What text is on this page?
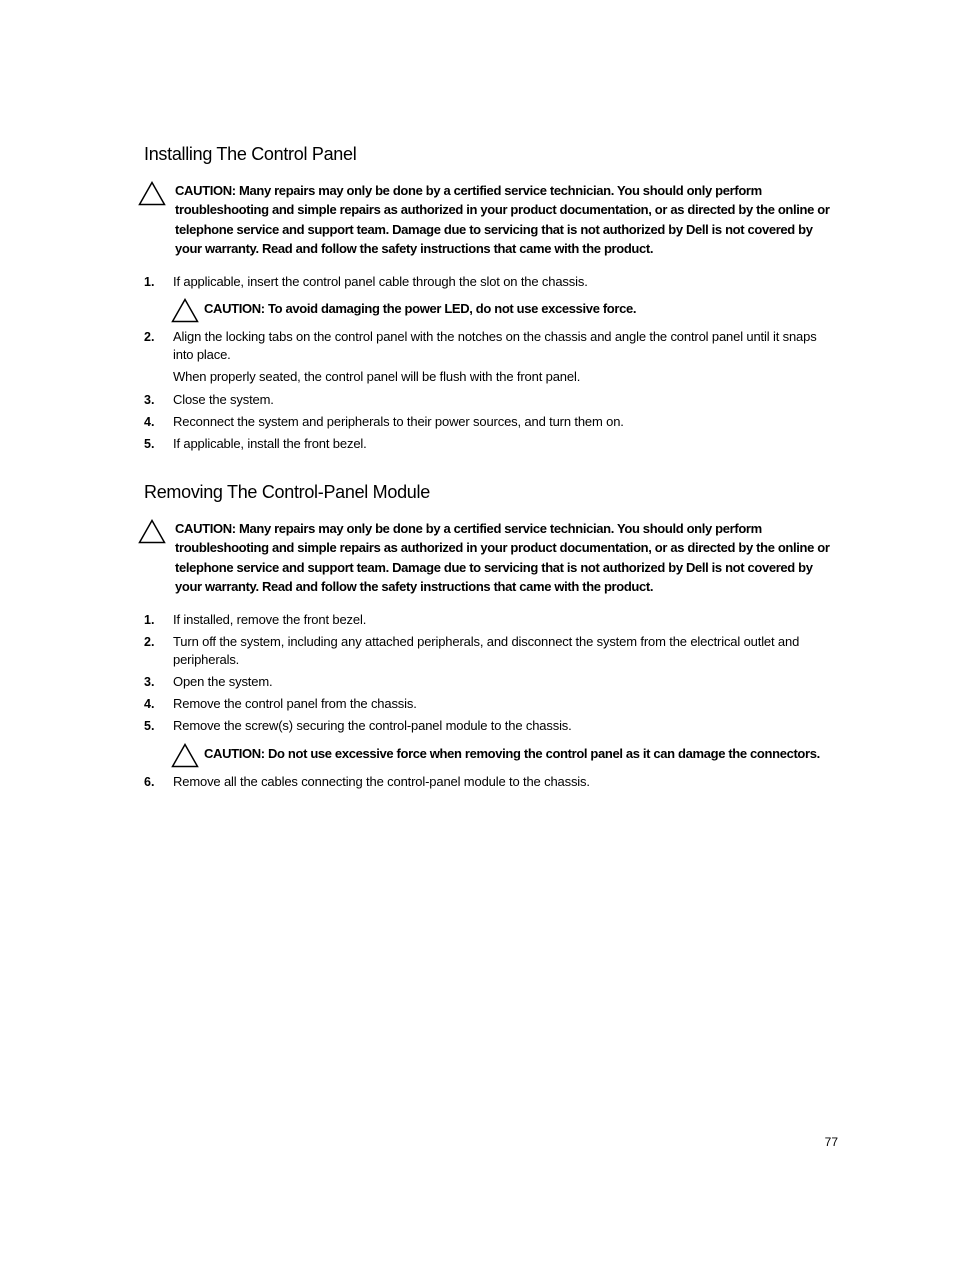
Installing The Control Panel
CAUTION: Many repairs may only be done by a certified service technician. You should only perform troubleshooting and simple repairs as authorized in your product documentation, or as directed by the online or telephone service and support team. Damage due to servicing that is not authorized by Dell is not covered by your warranty. Read and follow the safety instructions that came with the product.
1. If applicable, insert the control panel cable through the slot on the chassis.
CAUTION: To avoid damaging the power LED, do not use excessive force.
2. Align the locking tabs on the control panel with the notches on the chassis and angle the control panel until it snaps into place.
When properly seated, the control panel will be flush with the front panel.
3. Close the system.
4. Reconnect the system and peripherals to their power sources, and turn them on.
5. If applicable, install the front bezel.
Removing The Control-Panel Module
CAUTION: Many repairs may only be done by a certified service technician. You should only perform troubleshooting and simple repairs as authorized in your product documentation, or as directed by the online or telephone service and support team. Damage due to servicing that is not authorized by Dell is not covered by your warranty. Read and follow the safety instructions that came with the product.
1. If installed, remove the front bezel.
2. Turn off the system, including any attached peripherals, and disconnect the system from the electrical outlet and peripherals.
3. Open the system.
4. Remove the control panel from the chassis.
5. Remove the screw(s) securing the control-panel module to the chassis.
CAUTION: Do not use excessive force when removing the control panel as it can damage the connectors.
6. Remove all the cables connecting the control-panel module to the chassis.
77
